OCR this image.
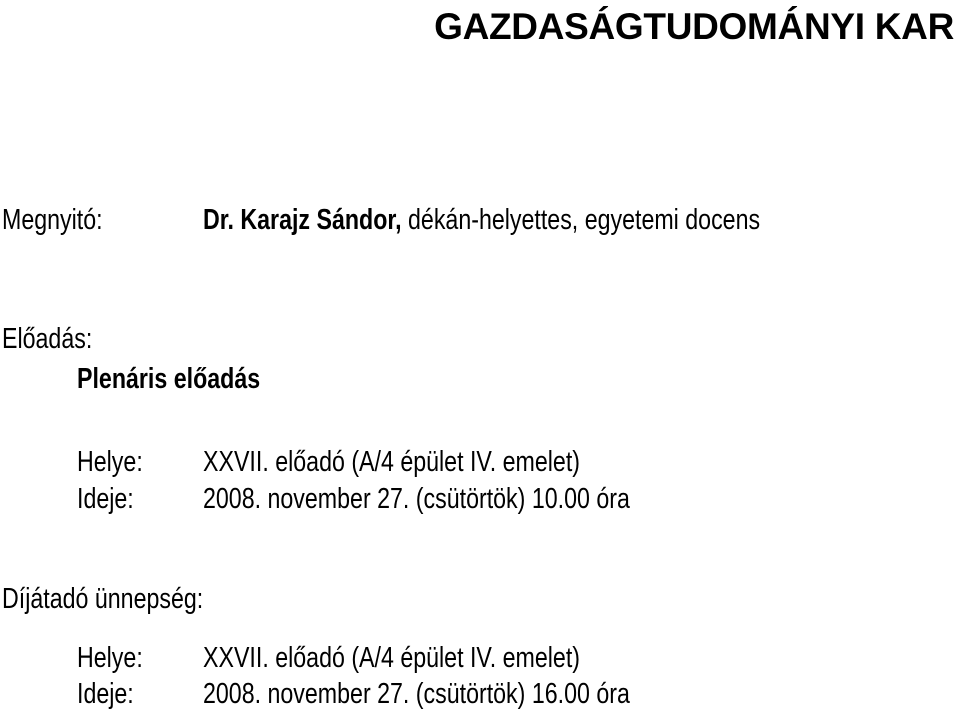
GAZDASÁGTUDOMÁNYI KAR
Megnyitó:	Dr. Karajz Sándor, dékán-helyettes, egyetemi docens
Előadás:
Plenáris előadás
Helye:	XXVII. előadó (A/4 épület IV. emelet)
Ideje:	2008. november 27. (csütörtök) 10.00 óra
Díjátadó ünnepség:
Helye:	XXVII. előadó (A/4 épület IV. emelet)
Ideje:	2008. november 27. (csütörtök) 16.00 óra
